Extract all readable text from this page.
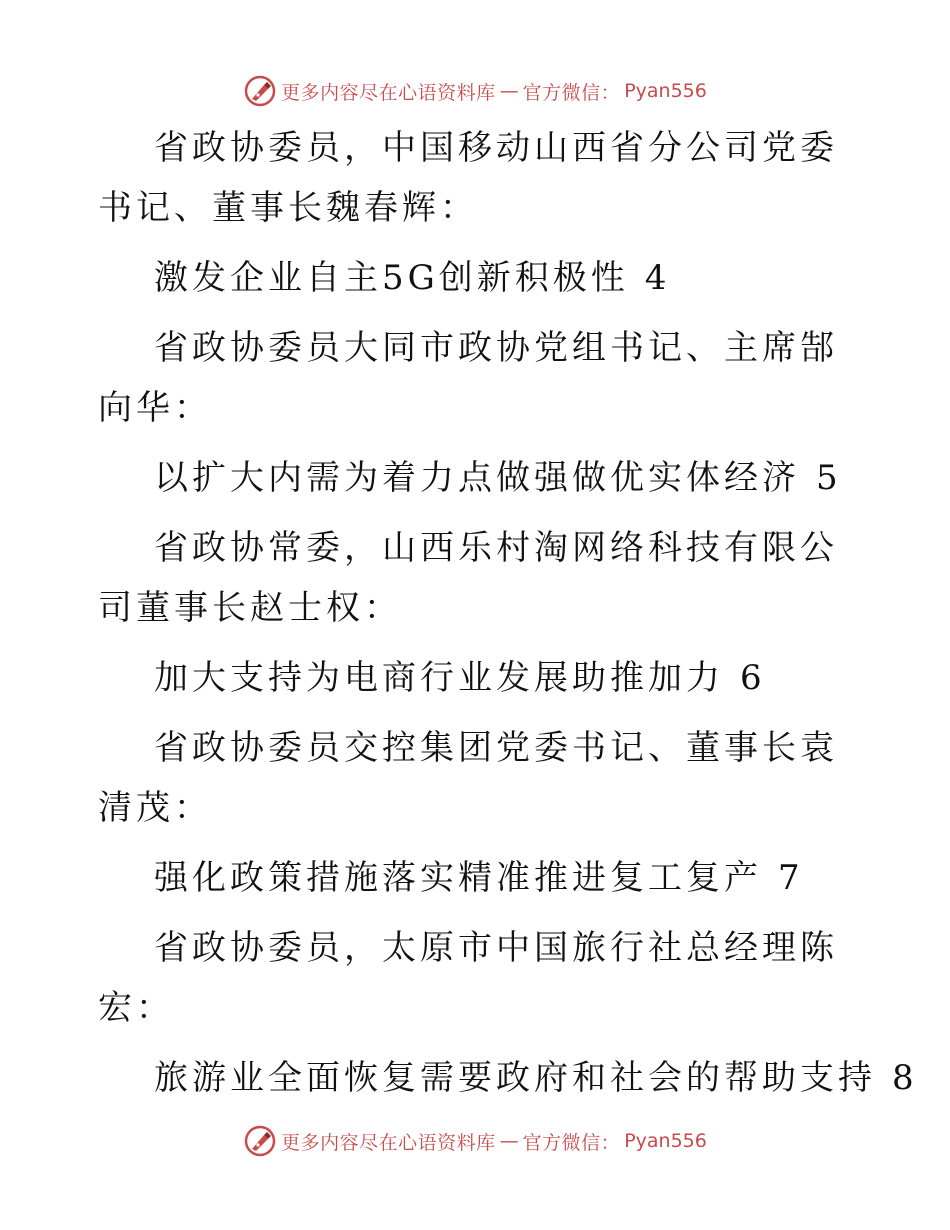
更多内容尽在心语资料库 — 官方微信： Pyan556

省政协委员，中国移动山西省分公司党委书记、董事长魏春辉：

激发企业自主5G创新积极性 4

省政协委员大同市政协党组书记、主席郜向华：

以扩大内需为着力点做强做优实体经济 5

省政协常委，山西乐村淘网络科技有限公司董事长赵士权：

加大支持为电商行业发展助推加力 6

省政协委员交控集团党委书记、董事长袁清茂：

强化政策措施落实精准推进复工复产 7

省政协委员，太原市中国旅行社总经理陈宏：

旅游业全面恢复需要政府和社会的帮助支持 8

更多内容尽在心语资料库 — 官方微信： Pyan556
